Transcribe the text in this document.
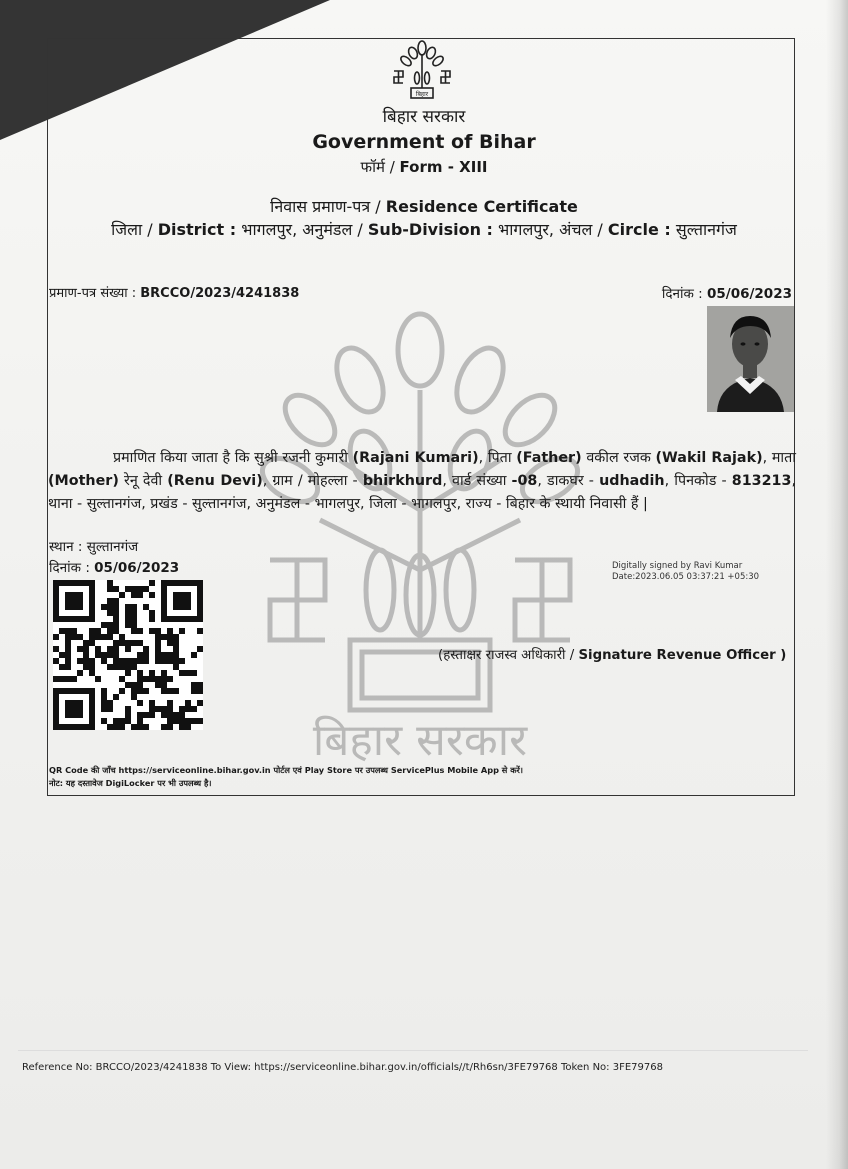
बिहार सरकार
बिहार
बिहार सरकार
Government of Bihar
फॉर्म / Form - XIII
निवास प्रमाण-पत्र / Residence Certificate
जिला / District : भागलपुर, अनुमंडल / Sub-Division : भागलपुर, अंचल / Circle : सुल्तानगंज
प्रमाण-पत्र संख्या : BRCCO/2023/4241838	दिनांक : 05/06/2023
प्रमाणित किया जाता है कि सुश्री रजनी कुमारी (Rajani Kumari), पिता (Father) वकील रजक (Wakil Rajak), माता (Mother) रेनू देवी (Renu Devi), ग्राम / मोहल्ला - bhirkhurd, वार्ड संख्या -08, डाकघर - udhadih, पिनकोड - 813213, थाना - सुल्तानगंज, प्रखंड - सुल्तानगंज, अनुमंडल - भागलपुर, जिला - भागलपुर, राज्य - बिहार के स्थायी निवासी हैं |
स्थान : सुल्तानगंज
दिनांक : 05/06/2023	Digitally signed by Ravi Kumar
Date:2023.06.05 03:37:21 +05:30
(हस्ताक्षर राजस्व अधिकारी / Signature Revenue Officer )
QR Code की जाँच https://serviceonline.bihar.gov.in पोर्टल एवं Play Store पर उपलब्ध ServicePlus Mobile App से करें।
नोट: यह दस्तावेज DigiLocker पर भी उपलब्ध है।
Reference No: BRCCO/2023/4241838 To View: https://serviceonline.bihar.gov.in/officials//t/Rh6sn/3FE79768 Token No: 3FE79768
